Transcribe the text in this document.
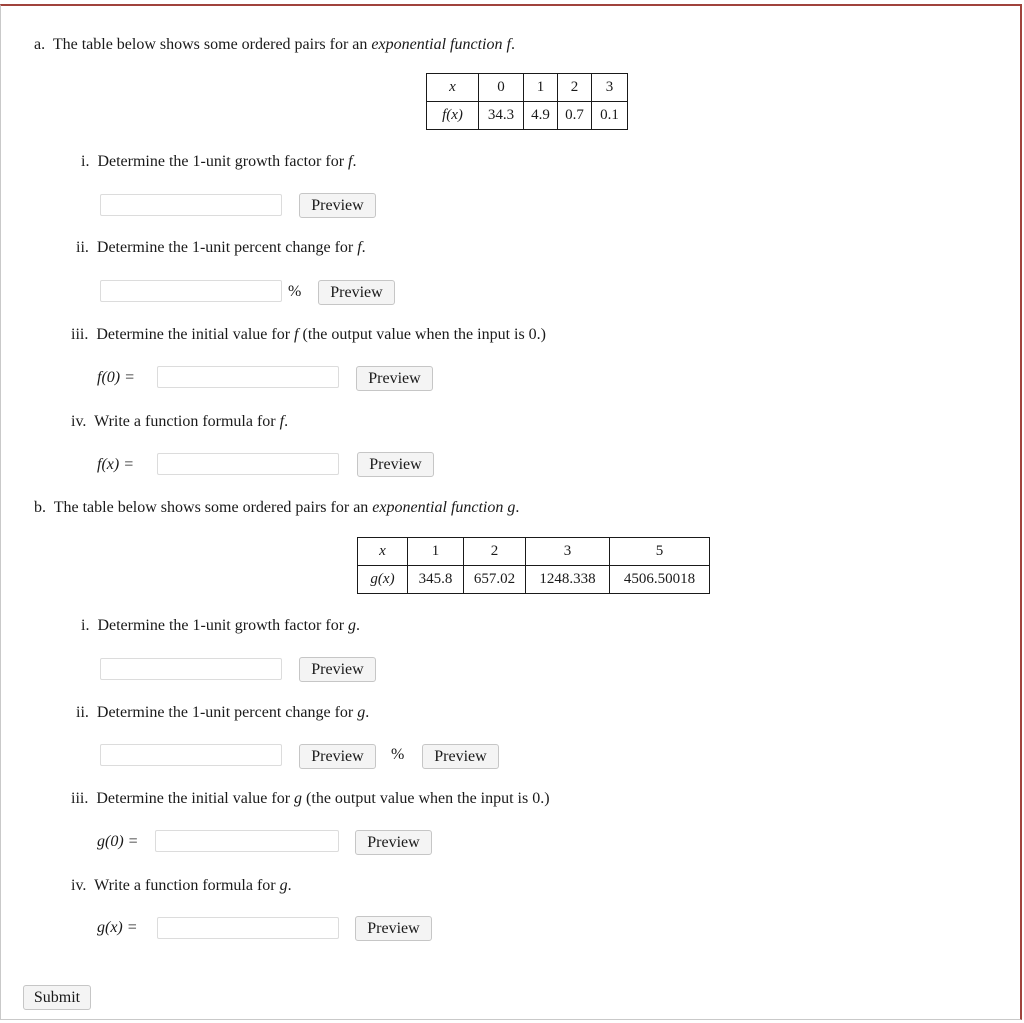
a. The table below shows some ordered pairs for an exponential function f.
x	0	1	2	3
f(x)	34.3	4.9	0.7	0.1
i. Determine the 1-unit growth factor for f.
Preview
ii. Determine the 1-unit percent change for f.
%	Preview
iii. Determine the initial value for f (the output value when the input is 0.)
f(0) =	Preview
iv. Write a function formula for f.
f(x) =	Preview
b. The table below shows some ordered pairs for an exponential function g.
x	1	2	3	5
g(x)	345.8	657.02	1248.338	4506.50018
i. Determine the 1-unit growth factor for g.
Preview
ii. Determine the 1-unit percent change for g.
Preview	%	Preview
iii. Determine the initial value for g (the output value when the input is 0.)
g(0) =	Preview
iv. Write a function formula for g.
g(x) =	Preview
Submit
